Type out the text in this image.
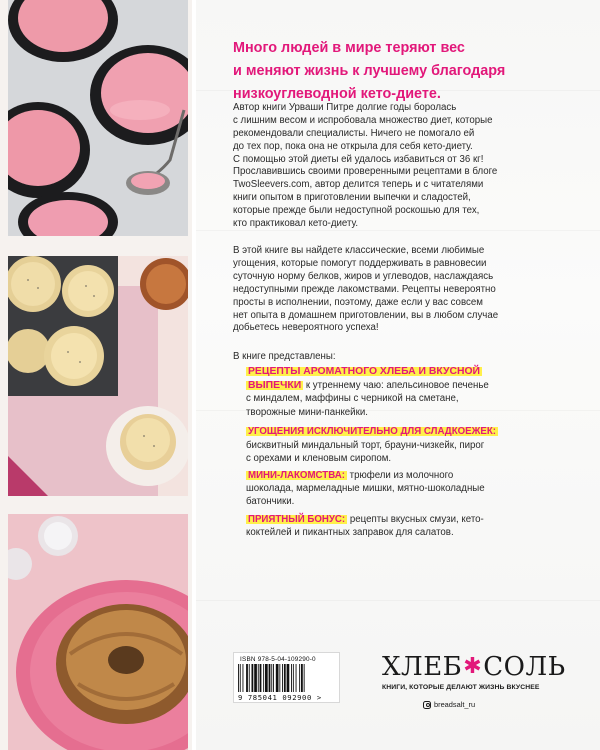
Много людей в мире теряют вес
и меняют жизнь к лучшему благодаря
низкоуглеводной кето-диете.
Автор книги Урваши Питре долгие годы боролась
с лишним весом и испробовала множество диет, которые
рекомендовали специалисты. Ничего не помогало ей
до тех пор, пока она не открыла для себя кето-диету.
С помощью этой диеты ей удалось избавиться от 36 кг!
Прославившись своими проверенными рецептами в блоге
TwoSleevers.com, автор делится теперь и с читателями
книги опытом в приготовлении выпечки и сладостей,
которые прежде были недоступной роскошью для тех,
кто практиковал кето-диету.
В этой книге вы найдете классические, всеми любимые
угощения, которые помогут поддерживать в равновесии
суточную норму белков, жиров и углеводов, наслаждаясь
недоступными прежде лакомствами. Рецепты невероятно
просты в исполнении, поэтому, даже если у вас совсем
нет опыта в домашнем приготовлении, вы в любом случае
добьетесь невероятного успеха!
В книге представлены:
РЕЦЕПТЫ АРОМАТНОГО ХЛЕБА И ВКУСНОЙ
ВЫПЕЧКИ к утреннему чаю: апельсиновое печенье
с миндалем, маффины с черникой на сметане,
творожные мини-панкейки.
УГОЩЕНИЯ ИСКЛЮЧИТЕЛЬНО ДЛЯ СЛАДКОЕЖЕК:
бисквитный миндальный торт, брауни-чизкейк, пирог
с орехами и кленовым сиропом.
МИНИ-ЛАКОМСТВА: трюфели из молочного
шоколада, мармеладные мишки, мятно-шоколадные
батончики.
ПРИЯТНЫЙ БОНУС: рецепты вкусных смузи, кето-
коктейлей и пикантных заправок для салатов.
ISBN 978-5-04-109290-0
9 785041 092900 >
ХЛЕБ ✱ СОЛЬ
КНИГИ, КОТОРЫЕ ДЕЛАЮТ ЖИЗНЬ ВКУСНЕЕ
breadsalt_ru
